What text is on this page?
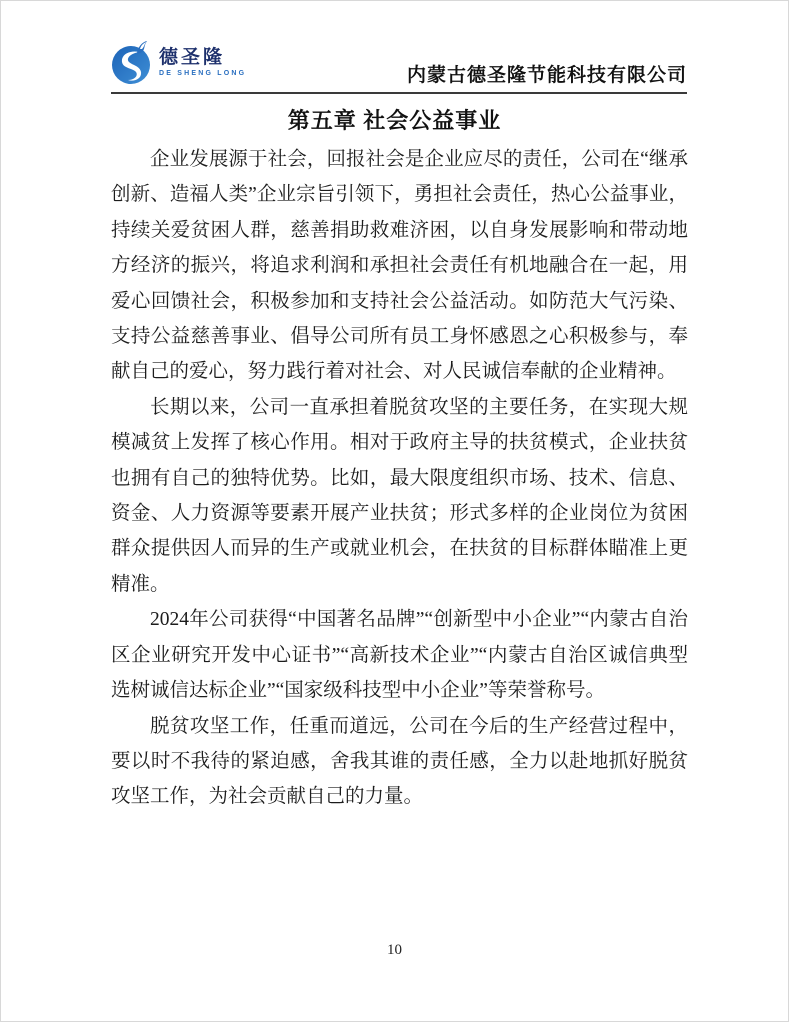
德圣隆
DE SHENG LONG	内蒙古德圣隆节能科技有限公司
第五章 社会公益事业

企业发展源于社会，回报社会是企业应尽的责任，公司在“继承创新、造福人类”企业宗旨引领下，勇担社会责任，热心公益事业，持续关爱贫困人群，慈善捐助救难济困，以自身发展影响和带动地方经济的振兴，将追求利润和承担社会责任有机地融合在一起，用爱心回馈社会，积极参加和支持社会公益活动。如防范大气污染、支持公益慈善事业、倡导公司所有员工身怀感恩之心积极参与，奉献自己的爱心，努力践行着对社会、对人民诚信奉献的企业精神。

长期以来，公司一直承担着脱贫攻坚的主要任务，在实现大规模减贫上发挥了核心作用。相对于政府主导的扶贫模式，企业扶贫也拥有自己的独特优势。比如，最大限度组织市场、技术、信息、资金、人力资源等要素开展产业扶贫；形式多样的企业岗位为贫困群众提供因人而异的生产或就业机会，在扶贫的目标群体瞄准上更精准。

2024年公司获得“中国著名品牌”“创新型中小企业”“内蒙古自治区企业研究开发中心证书”“高新技术企业”“内蒙古自治区诚信典型选树诚信达标企业”“国家级科技型中小企业”等荣誉称号。

脱贫攻坚工作，任重而道远，公司在今后的生产经营过程中，要以时不我待的紧迫感，舍我其谁的责任感，全力以赴地抓好脱贫攻坚工作，为社会贡献自己的力量。

10
